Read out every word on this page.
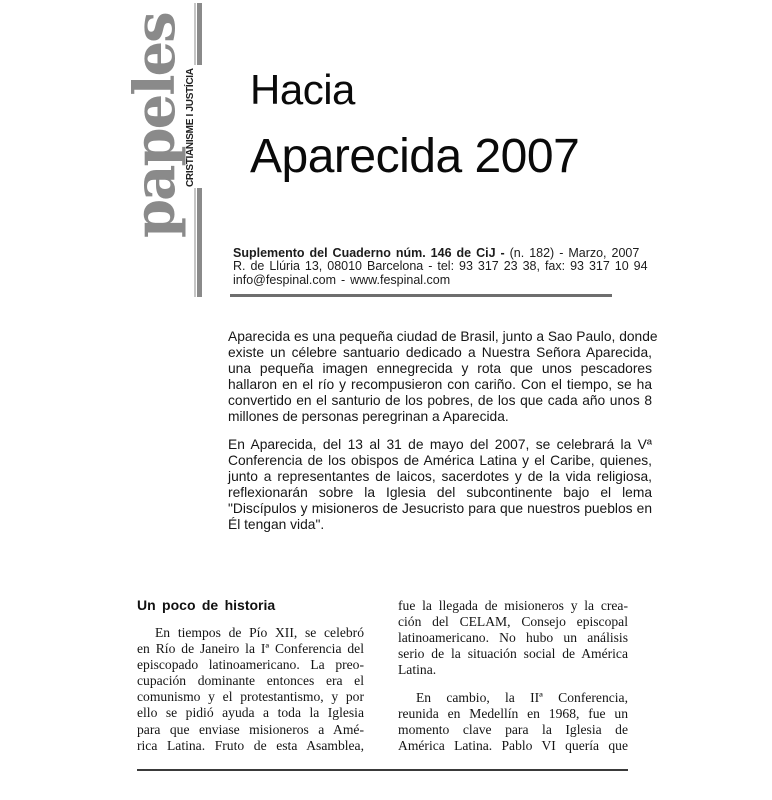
papeles
CRISTIANISME I JUSTÍCIA Hacia
Aparecida 2007
Suplemento del Cuaderno núm. 146 de CiJ - (n. 182) - Marzo, 2007
R. de Llúria 13, 08010 Barcelona - tel: 93 317 23 38, fax: 93 317 10 94
info@fespinal.com - www.fespinal.com
Aparecida es una pequeña ciudad de Brasil, junto a Sao Paulo, donde
existe un célebre santuario dedicado a Nuestra Señora Aparecida,
una pequeña imagen ennegrecida y rota que unos pescadores
hallaron en el río y recompusieron con cariño. Con el tiempo, se ha
convertido en el santurio de los pobres, de los que cada año unos 8
millones de personas peregrinan a Aparecida.
En Aparecida, del 13 al 31 de mayo del 2007, se celebrará la Vª
Conferencia de los obispos de América Latina y el Caribe, quienes,
junto a representantes de laicos, sacerdotes y de la vida religiosa,
reflexionarán sobre la Iglesia del subcontinente bajo el lema
"Discípulos y misioneros de Jesucristo para que nuestros pueblos en
Él tengan vida".
Un poco de historia
En tiempos de Pío XII, se celebró
en Río de Janeiro la Iª Conferencia del
episcopado latinoamericano. La preo-
cupación dominante entonces era el
comunismo y el protestantismo, y por
ello se pidió ayuda a toda la Iglesia
para que enviase misioneros a Amé-
rica Latina. Fruto de esta Asamblea,
fue la llegada de misioneros y la crea-
ción del CELAM, Consejo episcopal
latinoamericano. No hubo un análisis
serio de la situación social de América
Latina.
En cambio, la IIª Conferencia,
reunida en Medellín en 1968, fue un
momento clave para la Iglesia de
América Latina. Pablo VI quería que
